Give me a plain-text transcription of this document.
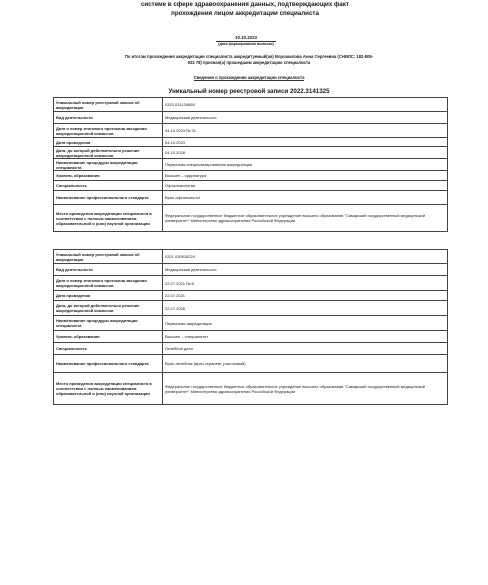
системе в сфере здравоохранения данных, подтверждающих факт
прохождения лицом аккредитации специалиста
10.10.2023
(дата формирования выписки)
По итогам прохождения аккредитации специалиста аккредитуемый(ая) Ворошилова Анна Сергеевна (СНИЛС: 182-805-
923 78) признан(а) прошедшим аккредитацию специалиста
Сведения о прохождении аккредитации специалиста
Уникальный номер реестровой записи 2022.3141325
Уникальный номер реестровой записи об аккредитации	0323 031134658
Вид деятельности	Медицинская деятельность
Дата и номер итогового протокола заседания аккредитационной комиссии	04.10.2023 № 31
Дата проведения	04.10.2023
Дата, до которой действительно решение аккредитационной комиссии	04.10.2028
Наименование процедуры аккредитации специалиста	Первичная специализированная аккредитация
Уровень образования	Высшее – ординатура
Специальность	Офтальмология
Наименование профессионального стандарта	Врач-офтальмолог
Место проведения аккредитации специалиста в соответствии с полным наименованием образовательной и (или) научной организации	Федеральное государственное бюджетное образовательное учреждение высшего образования "Самарский государственный медицинский университет" Министерства здравоохранения Российской Федерации
Уникальный номер реестровой записи об аккредитации	0321 030918224
Вид деятельности	Медицинская деятельность
Дата и номер итогового протокола заседания аккредитационной комиссии	22.07.2021 № 8
Дата проведения	22.07.2021
Дата, до которой действительно решение аккредитационной комиссии	22.07.2026
Наименование процедуры аккредитации специалиста	Первичная аккредитация
Уровень образования	Высшее – специалитет
Специальность	Лечебное дело
Наименование профессионального стандарта	Врач-лечебник (врач-терапевт участковый)
Место проведения аккредитации специалиста в соответствии с полным наименованием образовательной и (или) научной организации	Федеральное государственное бюджетное образовательное учреждение высшего образования "Самарский государственный медицинский университет" Министерства здравоохранения Российской Федерации
